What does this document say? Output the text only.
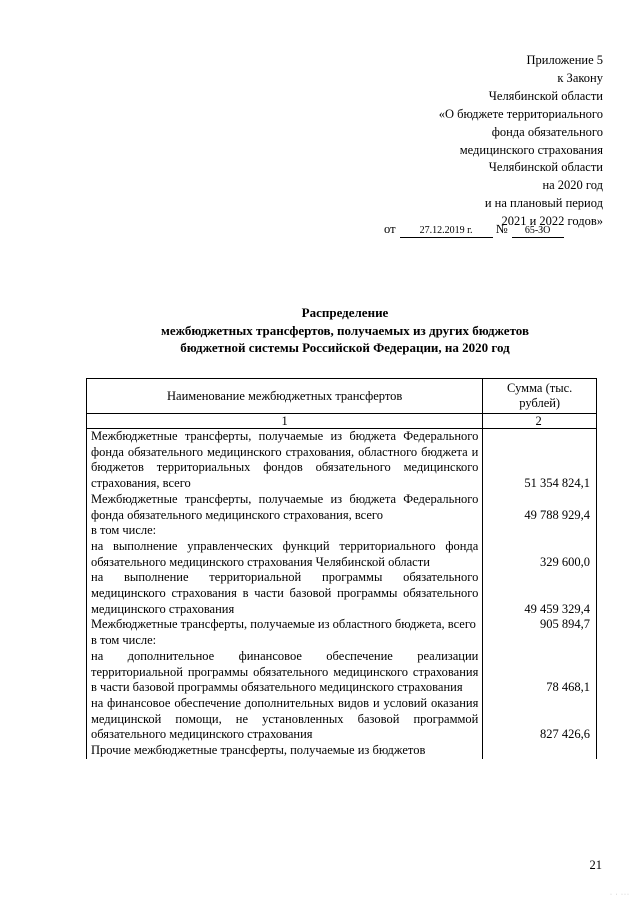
Приложение 5
к Закону
Челябинской области
«О бюджете территориального
фонда обязательного
медицинского страхования
Челябинской области
на 2020 год
и на плановый период
2021 и 2022 годов»
от 27.12.2019 г. № 65-ЗО
Распределение
межбюджетных трансфертов, получаемых из других бюджетов
бюджетной системы Российской Федерации, на 2020 год
Наименование межбюджетных трансфертов	Сумма (тыс. рублей)
1	2
Межбюджетные трансферты, получаемые из бюджета Федерального фонда обязательного медицинского страхования, областного бюджета и бюджетов территориальных фондов обязательного медицинского страхования, всего	51 354 824,1
Межбюджетные трансферты, получаемые из бюджета Федерального фонда обязательного медицинского страхования, всего	49 788 929,4
в том числе:	
на выполнение управленческих функций территориального фонда обязательного медицинского страхования Челябинской области	329 600,0
на выполнение территориальной программы обязательного медицинского страхования в части базовой программы обязательного медицинского страхования	49 459 329,4
Межбюджетные трансферты, получаемые из областного бюджета, всего	905 894,7
в том числе:	
на дополнительное финансовое обеспечение реализации территориальной программы обязательного медицинского страхования в части базовой программы обязательного медицинского страхования	78 468,1
на финансовое обеспечение дополнительных видов и условий оказания медицинской помощи, не установленных базовой программой обязательного медицинского страхования	827 426,6
Прочие межбюджетные трансферты, получаемые из бюджетов	
21
· · ···
